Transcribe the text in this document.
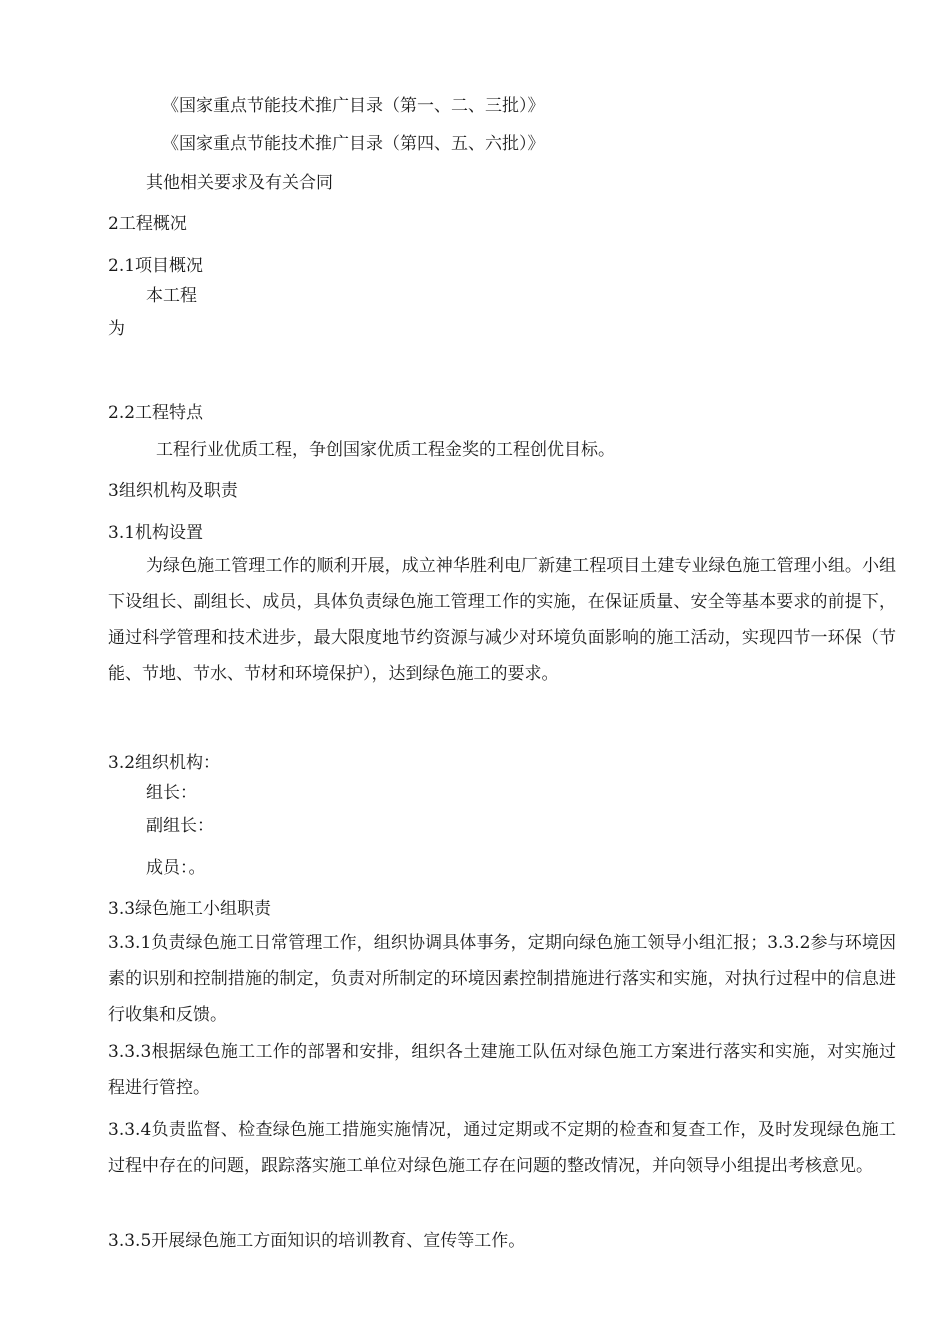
《国家重点节能技术推广目录（第一、二、三批）》

《国家重点节能技术推广目录（第四、五、六批）》

其他相关要求及有关合同

2工程概况

2.1项目概况

本工程

为

2.2工程特点

工程行业优质工程，争创国家优质工程金奖的工程创优目标。

3组织机构及职责

3.1机构设置

为绿色施工管理工作的顺利开展，成立神华胜利电厂新建工程项目土建专业绿色施工管理小组。小组下设组长、副组长、成员，具体负责绿色施工管理工作的实施，在保证质量、安全等基本要求的前提下，通过科学管理和技术进步，最大限度地节约资源与减少对环境负面影响的施工活动，实现四节一环保（节能、节地、节水、节材和环境保护），达到绿色施工的要求。

3.2组织机构：

组长：

副组长：

成员：。

3.3绿色施工小组职责

3.3.1负责绿色施工日常管理工作，组织协调具体事务，定期向绿色施工领导小组汇报；3.3.2参与环境因素的识别和控制措施的制定，负责对所制定的环境因素控制措施进行落实和实施，对执行过程中的信息进行收集和反馈。

3.3.3根据绿色施工工作的部署和安排，组织各土建施工队伍对绿色施工方案进行落实和实施，对实施过程进行管控。

3.3.4负责监督、检查绿色施工措施实施情况，通过定期或不定期的检查和复查工作，及时发现绿色施工过程中存在的问题，跟踪落实施工单位对绿色施工存在问题的整改情况，并向领导小组提出考核意见。

3.3.5开展绿色施工方面知识的培训教育、宣传等工作。
